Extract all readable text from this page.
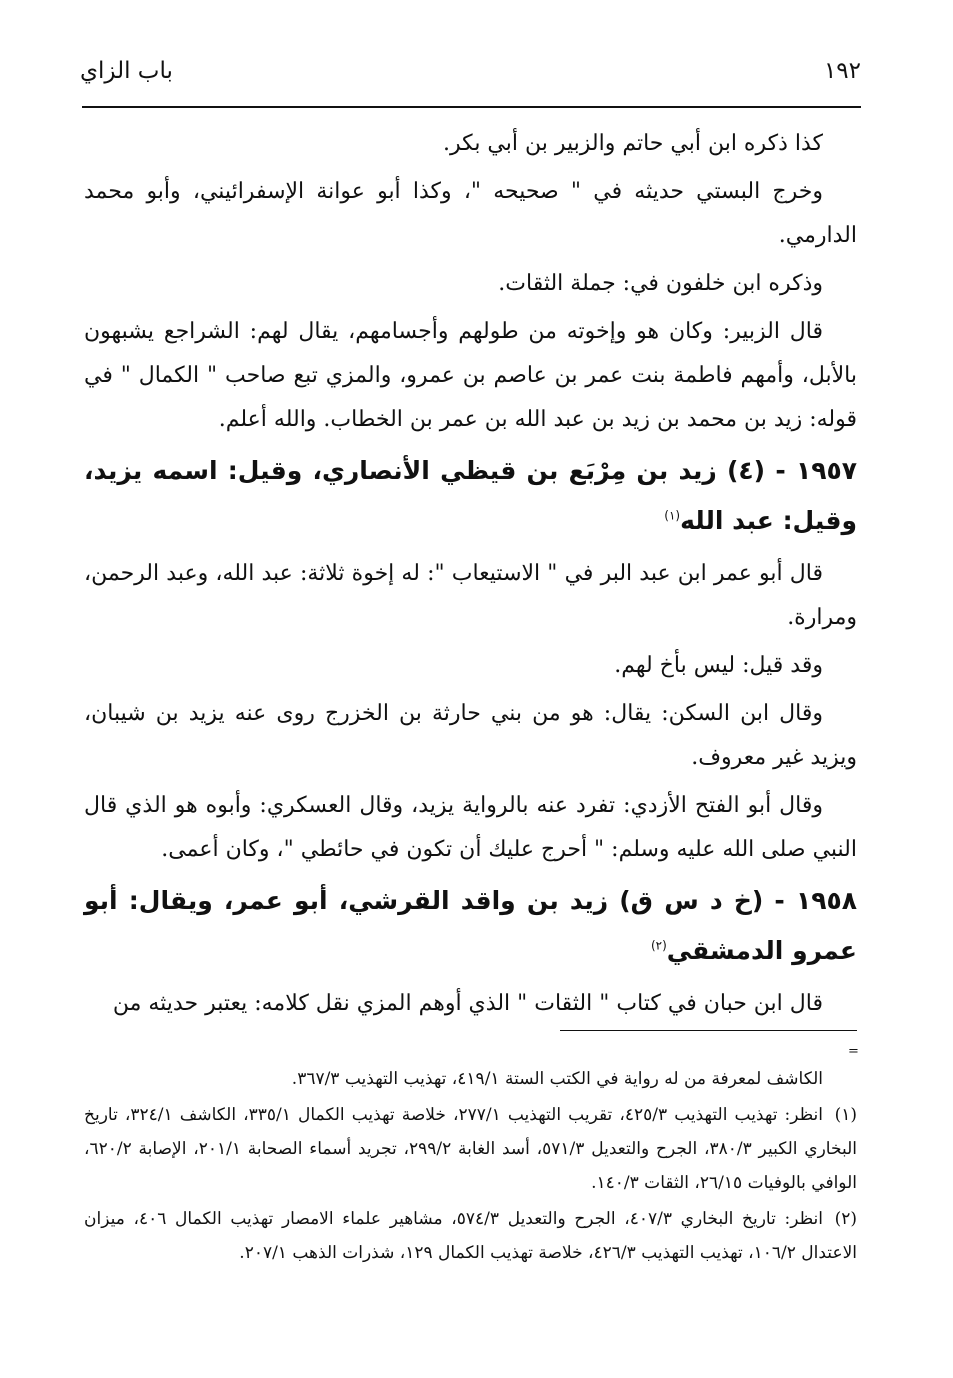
١٩٢
باب الزاي

كذا ذكره ابن أبي حاتم والزبير بن أبي بكر.

وخرج البستي حديثه في " صحيحه "، وكذا أبو عوانة الإسفرائيني، وأبو محمد الدارمي.

وذكره ابن خلفون في: جملة الثقات.

قال الزبير: وكان هو وإخوته من طولهم وأجسامهم، يقال لهم: الشراجع يشبهون بالأبل، وأمهم فاطمة بنت عمر بن عاصم بن عمرو، والمزي تبع صاحب " الكمال " في قوله: زيد بن محمد بن زيد بن عبد الله بن عمر بن الخطاب. والله أعلم.

١٩٥٧ - (٤) زيد بن مِرْبَع بن قيظي الأنصاري، وقيل: اسمه يزيد، وقيل: عبد الله$^{(١)}$

قال أبو عمر ابن عبد البر في " الاستيعاب ": له إخوة ثلاثة: عبد الله، وعبد الرحمن، ومرارة.

وقد قيل: ليس بأخ لهم.

وقال ابن السكن: يقال: هو من بني حارثة بن الخزرج روى عنه يزيد بن شيبان، ويزيد غير معروف.

وقال أبو الفتح الأزدي: تفرد عنه بالرواية يزيد، وقال العسكري: وأبوه هو الذي قال النبي صلى الله عليه وسلم: " أحرج عليك أن تكون في حائطي "، وكان أعمى.

١٩٥٨ - (خ د س ق) زيد بن واقد القرشي، أبو عمر، ويقال: أبو عمرو الدمشقي$^{(٢)}$

قال ابن حبان في كتاب " الثقات " الذي أوهم المزي نقل كلامه: يعتبر حديثه من

=

الكاشف لمعرفة من له رواية في الكتب الستة ٤١٩/١، تهذيب التهذيب ٣٦٧/٣.

(١)انظر: تهذيب التهذيب ٤٢٥/٣، تقريب التهذيب ٢٧٧/١، خلاصة تهذيب الكمال ٣٣٥/١، الكاشف ٣٢٤/١، تاريخ البخاري الكبير ٣٨٠/٣، الجرح والتعديل ٥٧١/٣، أسد الغابة ٢٩٩/٢، تجريد أسماء الصحابة ٢٠١/١، الإصابة ٦٢٠/٢، الوافي بالوفيات ٢٦/١٥، الثقات ١٤٠/٣.

(٢)انظر: تاريخ البخاري ٤٠٧/٣، الجرح والتعديل ٥٧٤/٣، مشاهير علماء الامصار تهذيب الكمال ٤٠٦، ميزان الاعتدال ١٠٦/٢، تهذيب التهذيب ٤٢٦/٣، خلاصة تهذيب الكمال ١٢٩، شذرات الذهب ٢٠٧/١.
